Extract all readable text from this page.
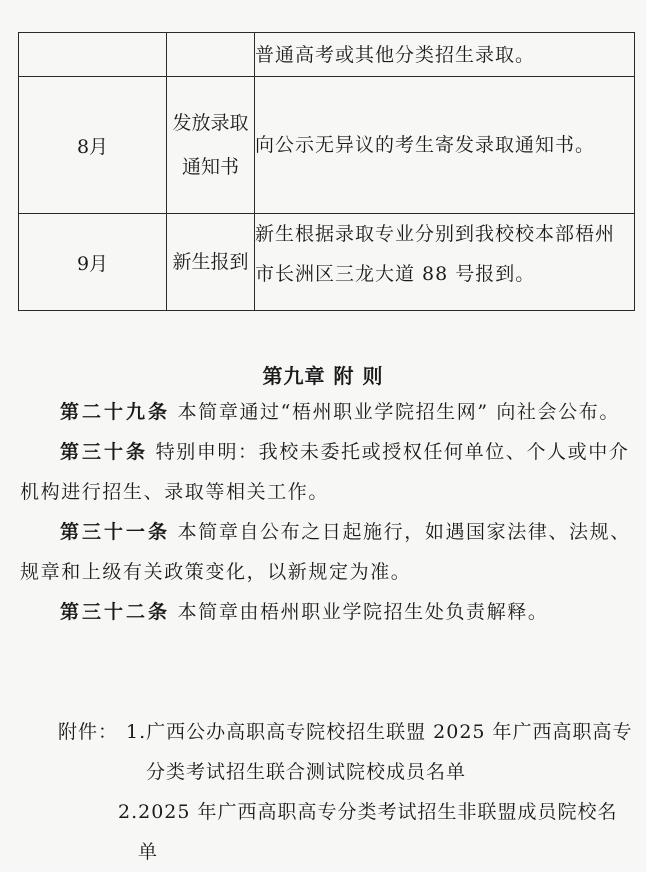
		普通高考或其他分类招生录取。
8月	发放录取通知书	向公示无异议的考生寄发录取通知书。
9月	新生报到	新生根据录取专业分别到我校校本部梧州市长洲区三龙大道 88 号报到。
第九章 附 则

第二十九条 本简章通过“梧州职业学院招生网” 向社会公布。

第三十条 特别申明：我校未委托或授权任何单位、个人或中介机构进行招生、录取等相关工作。

第三十一条 本简章自公布之日起施行，如遇国家法律、法规、规章和上级有关政策变化，以新规定为准。

第三十二条 本简章由梧州职业学院招生处负责解释。

附件： 1.广西公办高职高专院校招生联盟 2025 年广西高职高专分类考试招生联合测试院校成员名单
2.2025 年广西高职高专分类考试招生非联盟成员院校名单
